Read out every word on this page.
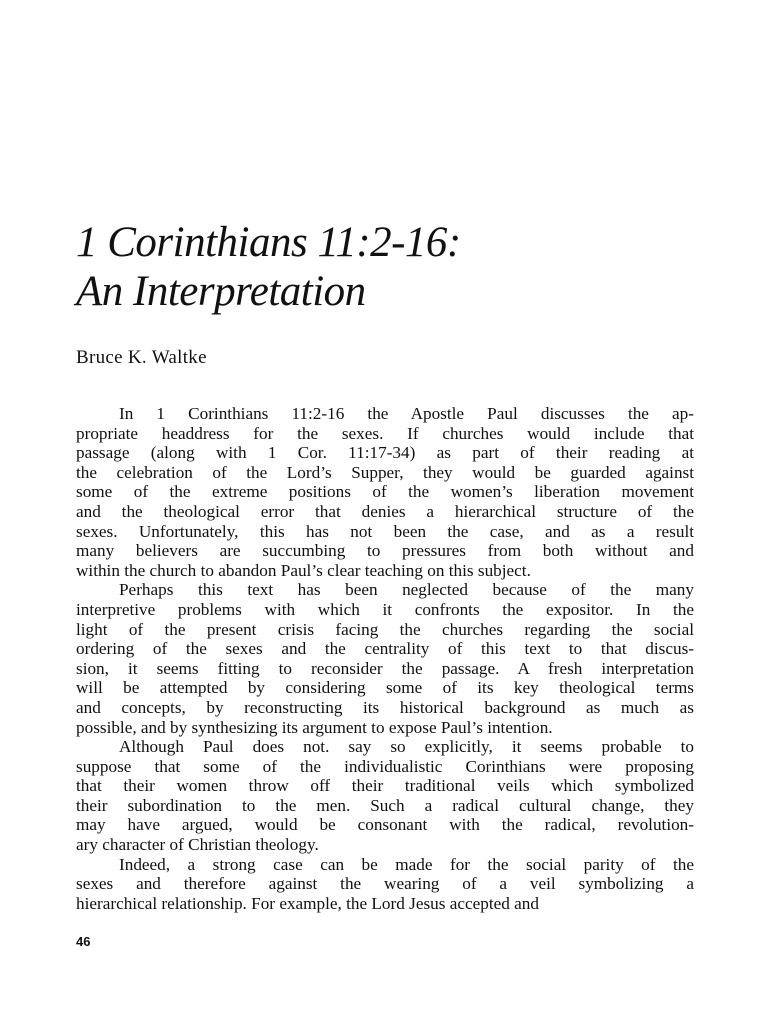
1 Corinthians 11:2-16:
An Interpretation
Bruce K. Waltke
In 1 Corinthians 11:2-16 the Apostle Paul discusses the ap-
propriate headdress for the sexes. If churches would include that
passage (along with 1 Cor. 11:17-34) as part of their reading at
the celebration of the Lord’s Supper, they would be guarded against
some of the extreme positions of the women’s liberation movement
and the theological error that denies a hierarchical structure of the
sexes. Unfortunately, this has not been the case, and as a result
many believers are succumbing to pressures from both without and
within the church to abandon Paul’s clear teaching on this subject.
Perhaps this text has been neglected because of the many
interpretive problems with which it confronts the expositor. In the
light of the present crisis facing the churches regarding the social
ordering of the sexes and the centrality of this text to that discus-
sion, it seems fitting to reconsider the passage. A fresh interpretation
will be attempted by considering some of its key theological terms
and concepts, by reconstructing its historical background as much as
possible, and by synthesizing its argument to expose Paul’s intention.
Although Paul does not. say so explicitly, it seems probable to
suppose that some of the individualistic Corinthians were proposing
that their women throw off their traditional veils which symbolized
their subordination to the men. Such a radical cultural change, they
may have argued, would be consonant with the radical, revolution-
ary character of Christian theology.
Indeed, a strong case can be made for the social parity of the
sexes and therefore against the wearing of a veil symbolizing a
hierarchical relationship. For example, the Lord Jesus accepted and
46
